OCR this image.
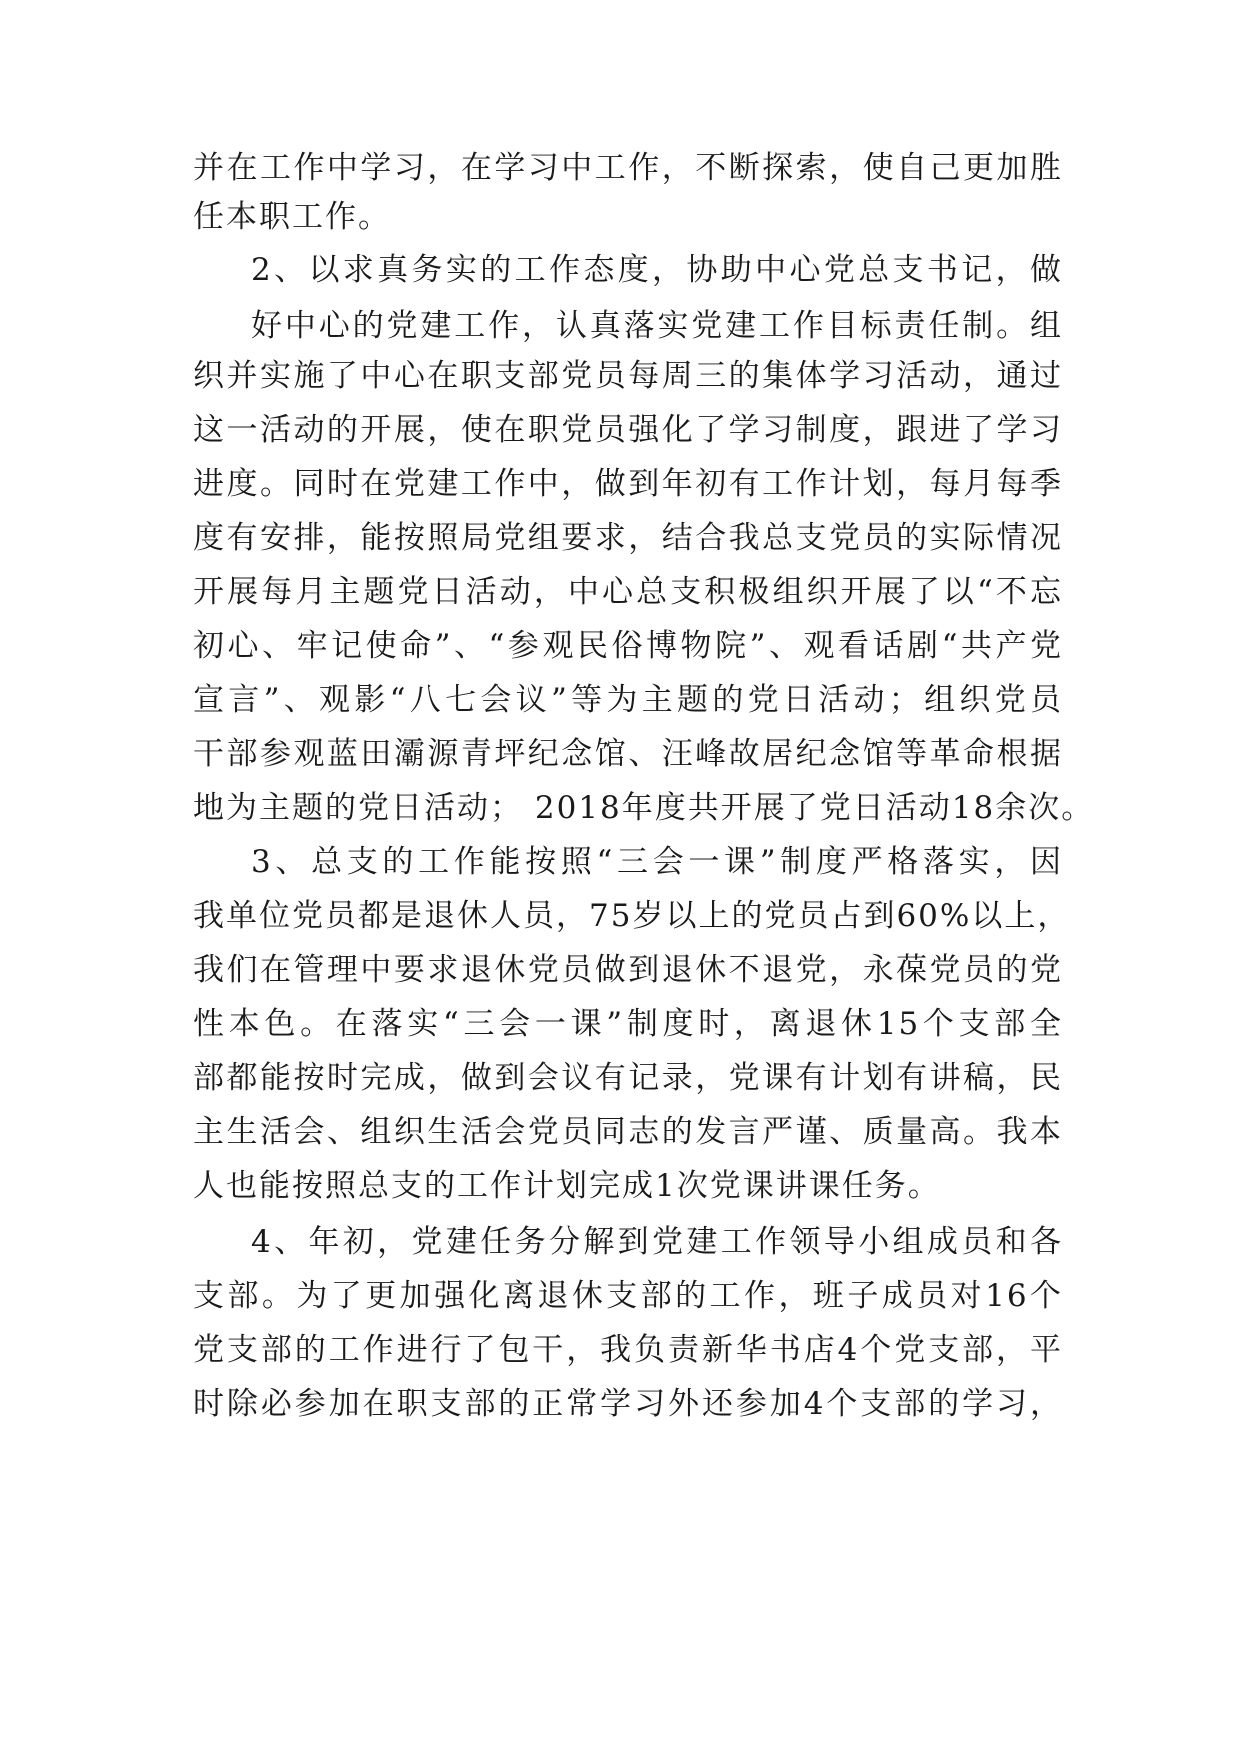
并在工作中学习，在学习中工作，不断探索，使自己更加胜
任本职工作。
2、以求真务实的工作态度，协助中心党总支书记，做
好中心的党建工作，认真落实党建工作目标责任制。组
织并实施了中心在职支部党员每周三的集体学习活动，通过
这一活动的开展，使在职党员强化了学习制度，跟进了学习
进度。同时在党建工作中，做到年初有工作计划，每月每季
度有安排，能按照局党组要求，结合我总支党员的实际情况
开展每月主题党日活动，中心总支积极组织开展了以“不忘
初心、牢记使命”、“参观民俗博物院”、观看话剧“共产党
宣言”、观影“八七会议”等为主题的党日活动；组织党员
干部参观蓝田灞源青坪纪念馆、汪峰故居纪念馆等革命根据
地为主题的党日活动； 2018年度共开展了党日活动18余次。
3、总支的工作能按照“三会一课”制度严格落实，因
我单位党员都是退休人员，75岁以上的党员占到60%以上，
我们在管理中要求退休党员做到退休不退党，永葆党员的党
性本色。在落实“三会一课”制度时，离退休15个支部全
部都能按时完成，做到会议有记录，党课有计划有讲稿，民
主生活会、组织生活会党员同志的发言严谨、质量高。我本
人也能按照总支的工作计划完成1次党课讲课任务。
4、年初，党建任务分解到党建工作领导小组成员和各
支部。为了更加强化离退休支部的工作，班子成员对16个
党支部的工作进行了包干，我负责新华书店4个党支部，平
时除必参加在职支部的正常学习外还参加4个支部的学习，
